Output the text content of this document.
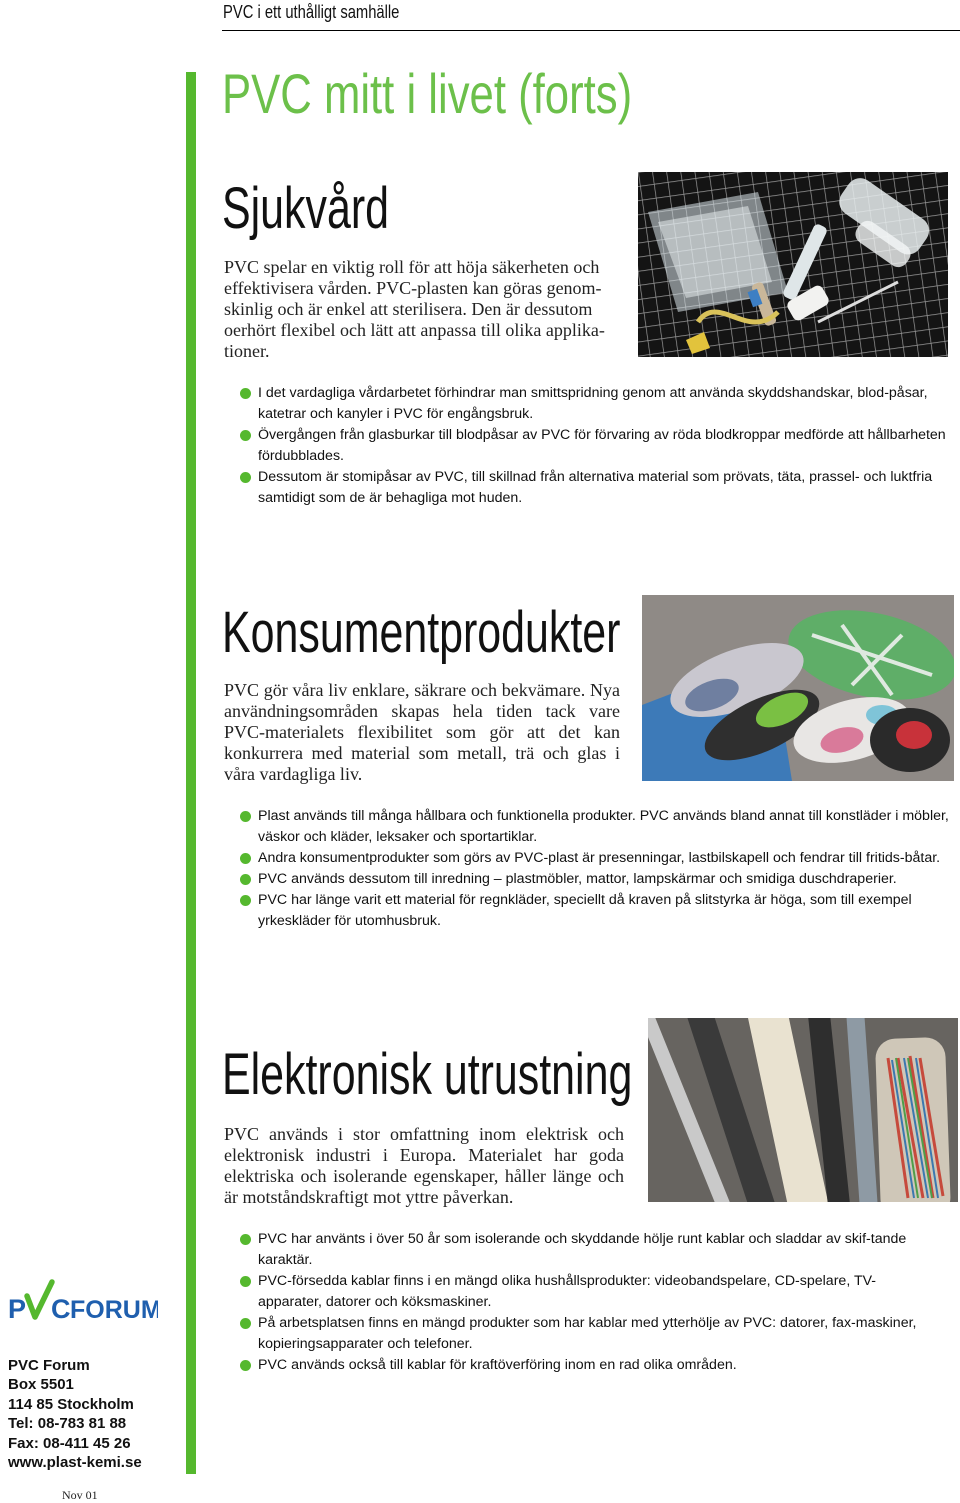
PVC i ett uthålligt samhälle
PVC mitt i livet (forts)
Sjukvård
PVC spelar en viktig roll för att höja säkerheten och
effektivisera vården. PVC-plasten kan göras genom-
skinlig och är enkel att sterilisera. Den är dessutom
oerhört flexibel och lätt att anpassa till olika applika-
tioner.
I det vardagliga vårdarbetet förhindrar man smittspridning genom att använda skyddshandskar, blod-påsar, katetrar och kanyler i PVC för engångsbruk.
Övergången från glasburkar till blodpåsar av PVC för förvaring av röda blodkroppar medförde att hållbarheten fördubblades.
Dessutom är stomipåsar av PVC, till skillnad från alternativa material som prövats, täta, prassel- och luktfria samtidigt som de är behagliga mot huden.
Konsumentprodukter
PVC gör våra liv enklare, säkrare och bekvämare. Nya användningsområden skapas hela tiden tack vare PVC-materialets flexibilitet som gör att det kan konkurrera med material som metall, trä och glas i våra vardagliga liv.
Plast används till många hållbara och funktionella produkter. PVC används bland annat till konstläder i möbler, väskor och kläder, leksaker och sportartiklar.
Andra konsumentprodukter som görs av PVC-plast är presenningar, lastbilskapell och fendrar till fritids-båtar.
PVC används dessutom till inredning – plastmöbler, mattor, lampskärmar och smidiga duschdraperier.
PVC har länge varit ett material för regnkläder, speciellt då kraven på slitstyrka är höga, som till exempel yrkeskläder för utomhusbruk.
Elektronisk utrustning
PVC används i stor omfattning inom elektrisk och elektronisk industri i Europa. Materialet har goda elektriska och isolerande egenskaper, håller länge och är motståndskraftigt mot yttre påverkan.
PVC har använts i över 50 år som isolerande och skyddande hölje runt kablar och sladdar av skif-tande karaktär.
PVC-försedda kablar finns i en mängd olika hushållsprodukter: videobandspelare, CD-spelare, TV-apparater, datorer och köksmaskiner.
På arbetsplatsen finns en mängd produkter som har kablar med ytterhölje av PVC: datorer, fax-maskiner, kopieringsapparater och telefoner.
PVC används också till kablar för kraftöverföring inom en rad olika områden.
P C FORUM
PVC Forum
Box 5501
114 85 Stockholm
Tel: 08-783 81 88
Fax: 08-411 45 26
www.plast-kemi.se
Nov 01
